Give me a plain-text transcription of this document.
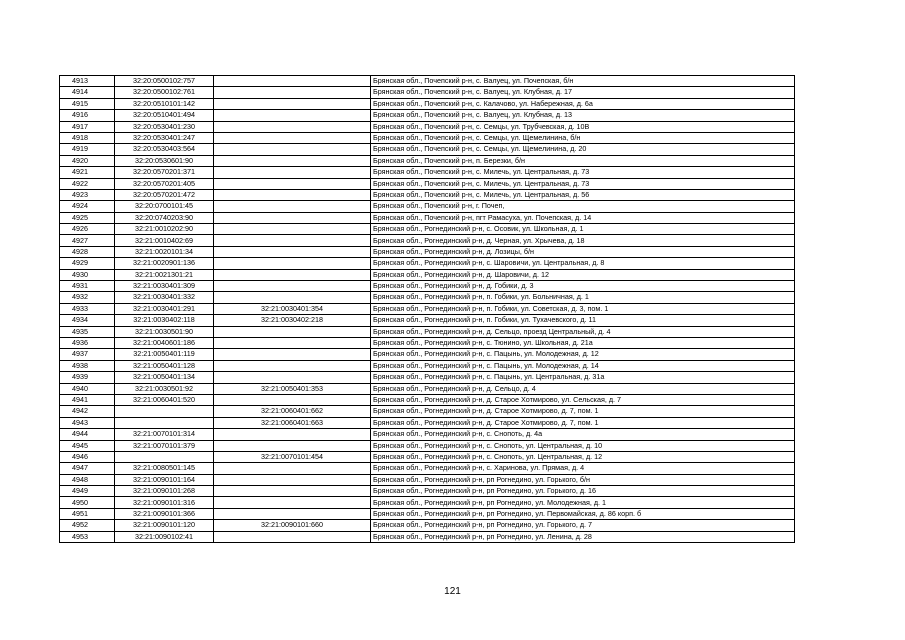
4913	32:20:0500102:757		Брянская обл., Почепский р-н, с. Валуец, ул. Почепская, б/н
4914	32:20:0500102:761		Брянская обл., Почепский р-н, с. Валуец, ул. Клубная, д. 17
4915	32:20:0510101:142		Брянская обл., Почепский р-н, с. Калачово, ул. Набережная, д. 6а
4916	32:20:0510401:494		Брянская обл., Почепский р-н, с. Валуец, ул. Клубная, д. 13
4917	32:20:0530401:230		Брянская обл., Почепский р-н, с. Семцы, ул. Трубчевская, д. 10В
4918	32:20:0530401:247		Брянская обл., Почепский р-н, с. Семцы, ул. Щемелинина, б/н
4919	32:20:0530403:564		Брянская обл., Почепский р-н, с. Семцы, ул. Щемелинина, д. 20
4920	32:20:0530601:90		Брянская обл., Почепский р-н, п. Березки, б/н
4921	32:20:0570201:371		Брянская обл., Почепский р-н, с. Милечь, ул. Центральная, д. 73
4922	32:20:0570201:405		Брянская обл., Почепский р-н, с. Милечь, ул. Центральная, д. 73
4923	32:20:0570201:472		Брянская обл., Почепский р-н, с. Милечь, ул. Центральная, д. 56
4924	32:20:0700101:45		Брянская обл., Почепский р-н, г. Почеп,
4925	32:20:0740203:90		Брянская обл., Почепский р-н, пгт Рамасуха, ул. Почепская, д. 14
4926	32:21:0010202:90		Брянская обл., Рогнединский р-н, с. Осовик, ул. Школьная, д. 1
4927	32:21:0010402:69		Брянская обл., Рогнединский р-н, д. Черная, ул. Хрычева, д. 18
4928	32:21:0020101:34		Брянская обл., Рогнединский р-н, д. Лозицы, б/н
4929	32:21:0020901:136		Брянская обл., Рогнединский р-н, с. Шаровичи, ул. Центральная, д. 8
4930	32:21:0021301:21		Брянская обл., Рогнединский р-н, д. Шаровичи, д. 12
4931	32:21:0030401:309		Брянская обл., Рогнединский р-н, д. Гобики, д. 3
4932	32:21:0030401:332		Брянская обл., Рогнединский р-н, п. Гобики, ул. Больничная, д. 1
4933	32:21:0030401:291	32:21:0030401:354	Брянская обл., Рогнединский р-н, п. Гобики, ул. Советская, д. 3, пом. 1
4934	32:21:0030402:118	32:21:0030402:218	Брянская обл., Рогнединский р-н, п. Гобики, ул. Тухачевского, д. 11
4935	32:21:0030501:90		Брянская обл., Рогнединский р-н, д. Сельцо, проезд Центральный, д. 4
4936	32:21:0040601:186		Брянская обл., Рогнединский р-н, с. Тюнино, ул. Школьная, д. 21а
4937	32:21:0050401:119		Брянская обл., Рогнединский р-н, с. Пацынь, ул. Молодежная, д. 12
4938	32:21:0050401:128		Брянская обл., Рогнединский р-н, с. Пацынь, ул. Молодежная, д. 14
4939	32:21:0050401:134		Брянская обл., Рогнединский р-н, с. Пацынь, ул. Центральная, д. 31а
4940	32:21:0030501:92	32:21:0050401:353	Брянская обл., Рогнединский р-н, д. Сельцо, д. 4
4941	32:21:0060401:520		Брянская обл., Рогнединский р-н, д. Старое Хотмирово, ул. Сельская, д. 7
4942		32:21:0060401:662	Брянская обл., Рогнединский р-н, д. Старое Хотмирово, д. 7, пом. 1
4943		32:21:0060401:663	Брянская обл., Рогнединский р-н, д. Старое Хотмирово, д. 7, пом. 1
4944	32:21:0070101:314		Брянская обл., Рогнединский р-н, с. Снопоть, д. 4а
4945	32:21:0070101:379		Брянская обл., Рогнединский р-н, с. Снопоть, ул. Центральная, д. 10
4946		32:21:0070101:454	Брянская обл., Рогнединский р-н, с. Снопоть, ул. Центральная, д. 12
4947	32:21:0080501:145		Брянская обл., Рогнединский р-н, с. Харинова, ул. Прямая, д. 4
4948	32:21:0090101:164		Брянская обл., Рогнединский р-н, рп Рогнедино, ул. Горького, б/н
4949	32:21:0090101:268		Брянская обл., Рогнединский р-н, рп Рогнедино, ул. Горького, д. 16
4950	32:21:0090101:316		Брянская обл., Рогнединский р-н, рп Рогнедино, ул. Молодежная, д. 1
4951	32:21:0090101:366		Брянская обл., Рогнединский р-н, рп Рогнедино, ул. Первомайская, д. 86 корп. б
4952	32:21:0090101:120	32:21:0090101:660	Брянская обл., Рогнединский р-н, рп Рогнедино, ул. Горького, д. 7
4953	32:21:0090102:41		Брянская обл., Рогнединский р-н, рп Рогнедино, ул. Ленина, д. 28
121
